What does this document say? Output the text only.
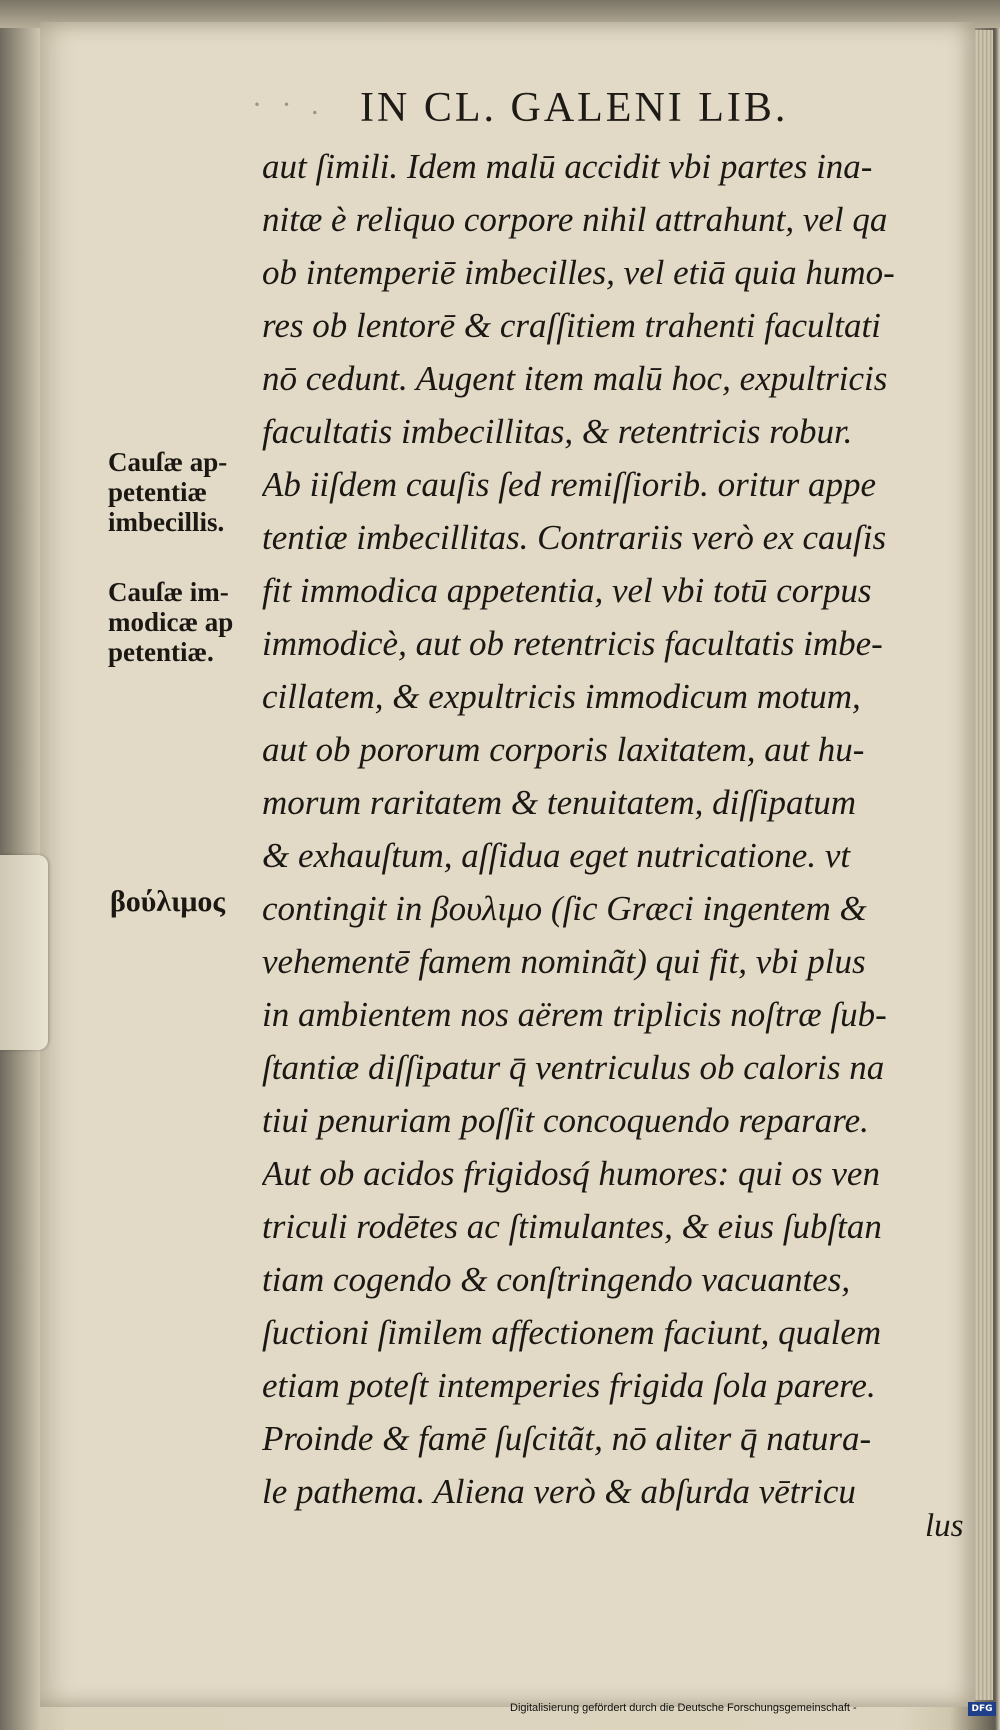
· · . IN CL. GALENI LIB.
aut ſimili. Idem malū accidit vbi partes ina-
nitæ è reliquo corpore nihil attrahunt, vel qa
ob intemperiē imbecilles, vel etiā quia humo-
res ob lentorē & craſſitiem trahenti facultati
nō cedunt. Augent item malū hoc, expultricis
facultatis imbecillitas, & retentricis robur.
Ab iiſdem cauſis ſed remiſſiorib. oritur appe
tentiæ imbecillitas. Contrariis verò ex cauſis
fit immodica appetentia, vel vbi totū corpus
immodicè, aut ob retentricis facultatis imbe-
cillatem, & expultricis immodicum motum,
aut ob pororum corporis laxitatem, aut hu-
morum raritatem & tenuitatem, diſſipatum
& exhauſtum, aſſidua eget nutricatione. vt
contingit in βουλιμο (ſic Græci ingentem &
vehementē famem nominãt) qui fit, vbi plus
in ambientem nos aërem triplicis noſtræ ſub-
ſtantiæ diſſipatur q̄ ventriculus ob caloris na
tiui penuriam poſſit concoquendo reparare.
Aut ob acidos frigidosq́ humores: qui os ven
triculi rodētes ac ſtimulantes, & eius ſubſtan
tiam cogendo & conſtringendo vacuantes,
ſuctioni ſimilem affectionem faciunt, qualem
etiam poteſt intemperies frigida ſola parere.
Proinde & famē ſuſcitãt, nō aliter q̄ natura-
le pathema. Aliena verò & abſurda vētricu
lus
Cauſæ ap-
petentiæ
imbecillis.
Cauſæ im-
modicæ ap
petentiæ.
βούλιμος
Digitalisierung gefördert durch die Deutsche Forschungsgemeinschaft -	DFG
